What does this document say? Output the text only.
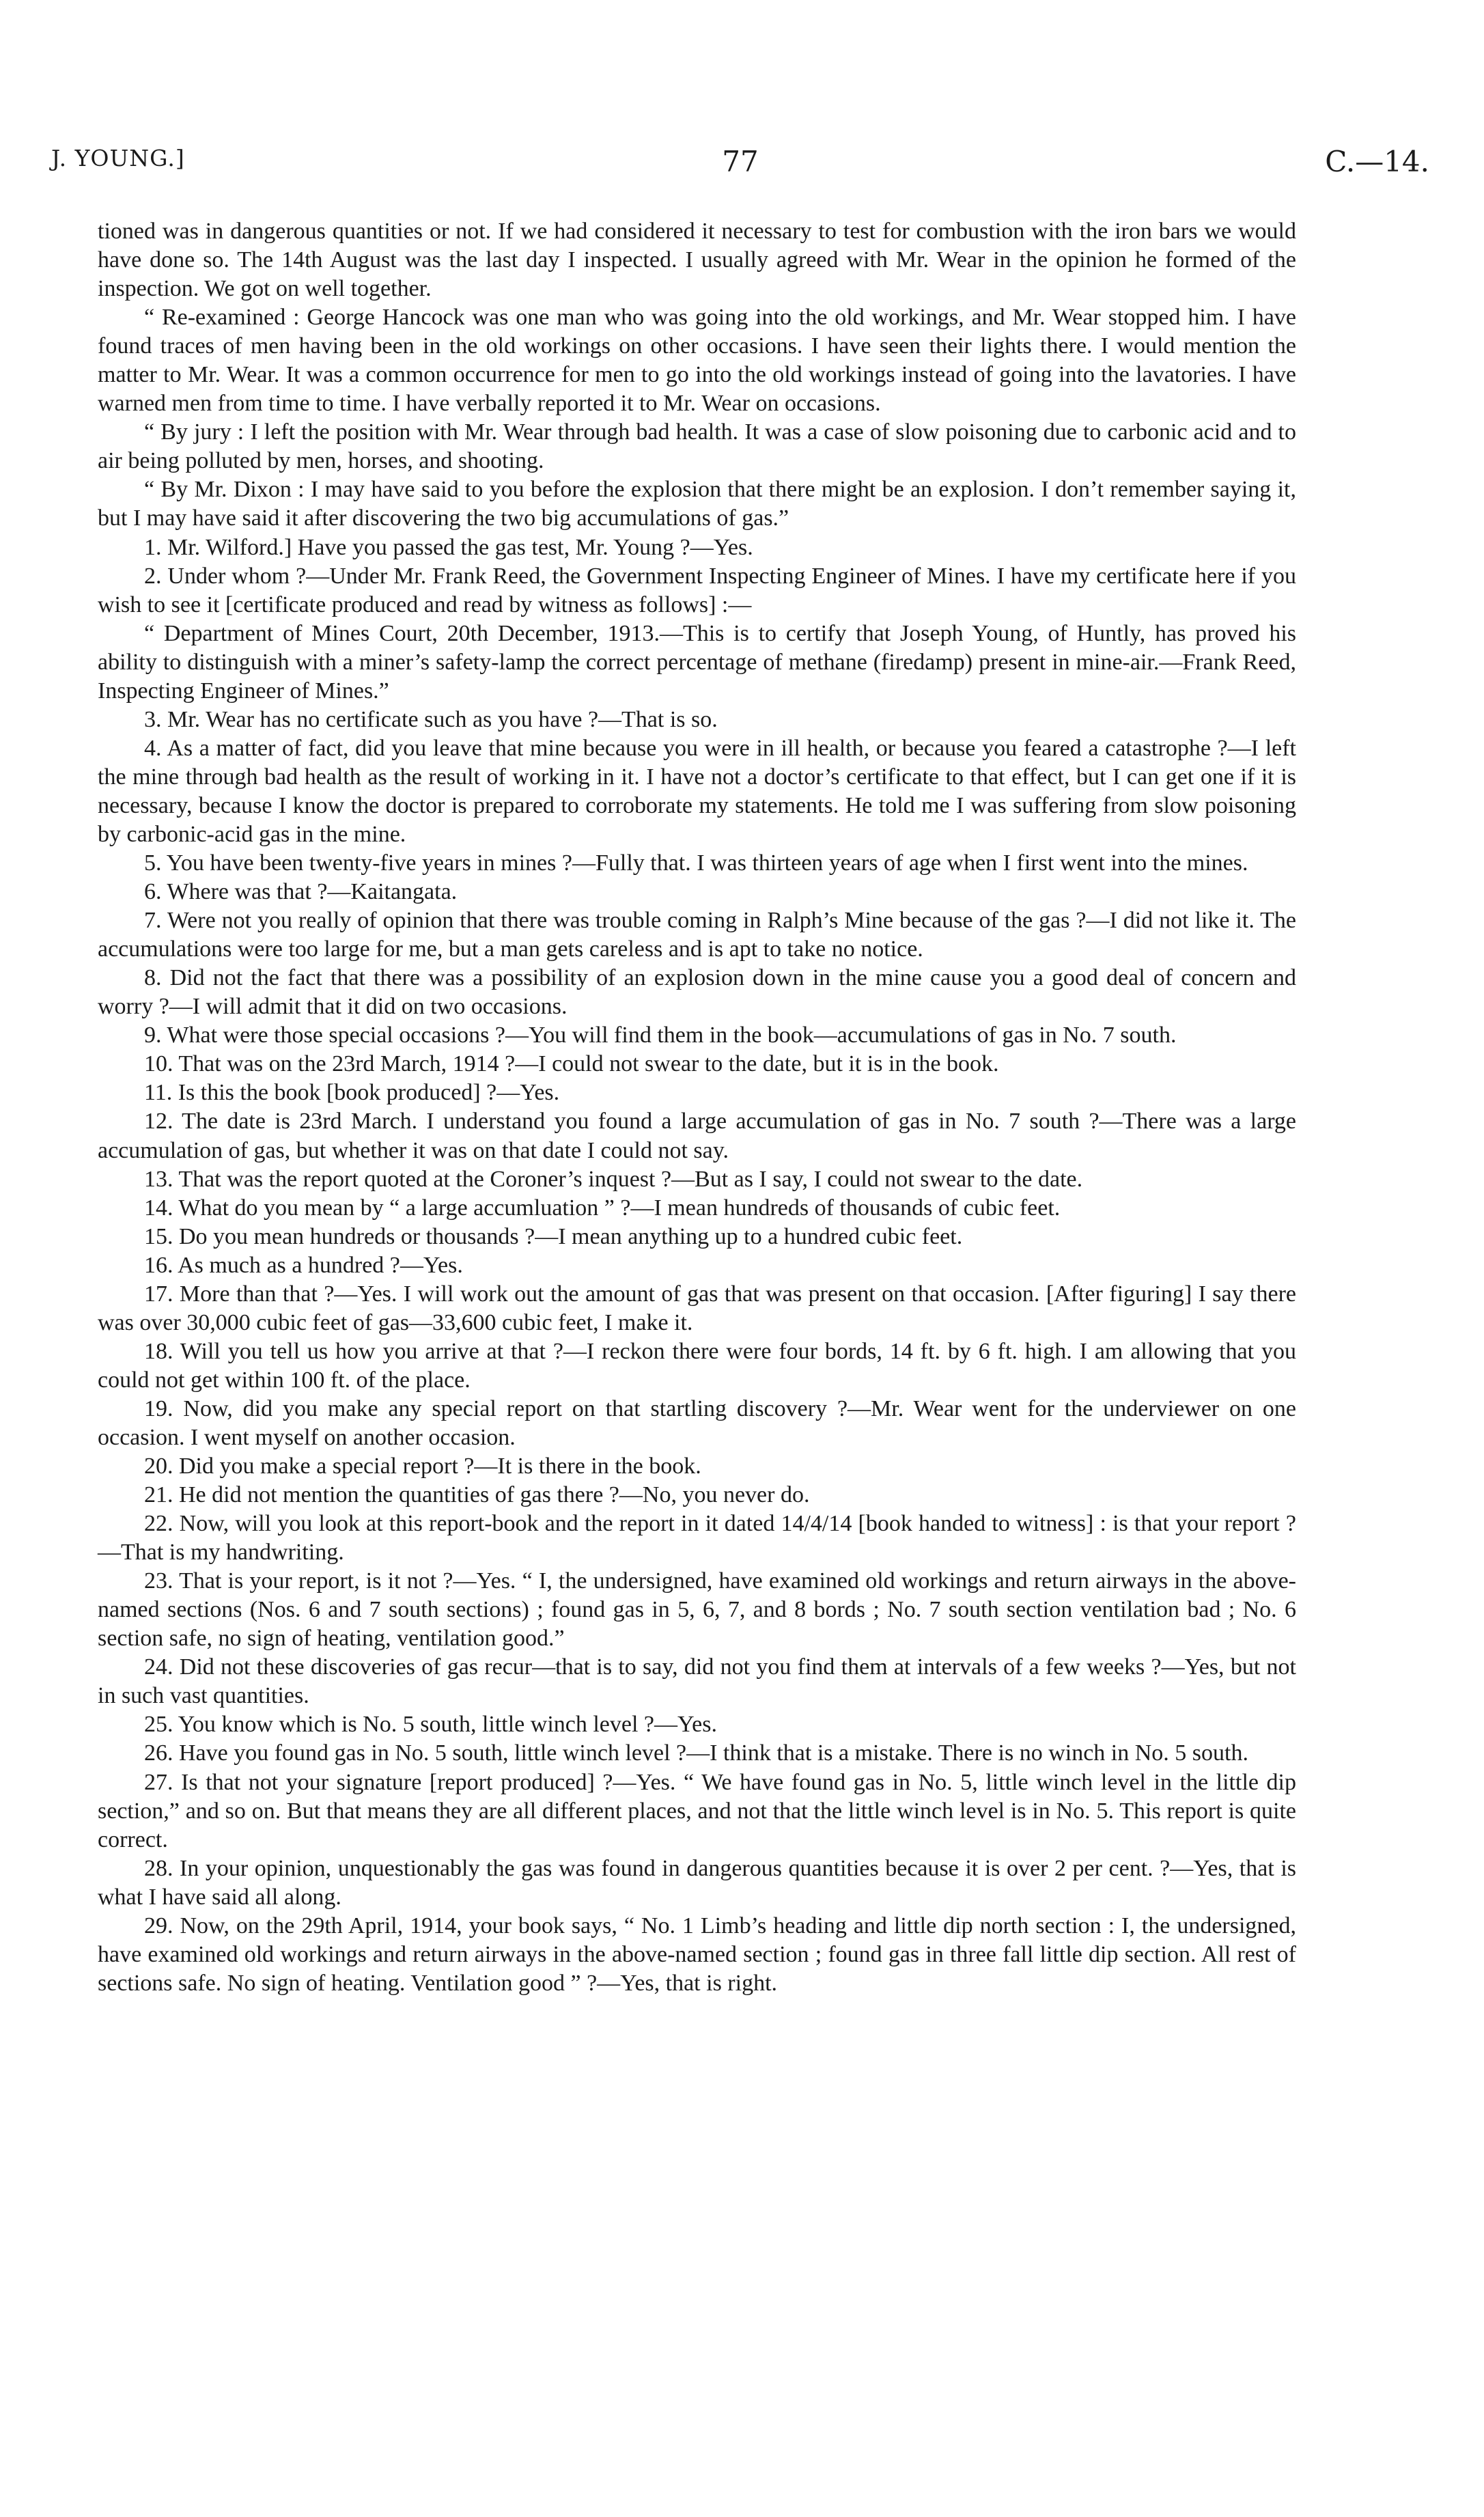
J. YOUNG.]	77	C.—14.

tioned was in dangerous quantities or not. If we had considered it necessary to test for combustion with the iron bars we would have done so. The 14th August was the last day I inspected. I usually agreed with Mr. Wear in the opinion he formed of the inspection. We got on well together.

“ Re-examined : George Hancock was one man who was going into the old workings, and Mr. Wear stopped him. I have found traces of men having been in the old workings on other occasions. I have seen their lights there. I would mention the matter to Mr. Wear. It was a common occurrence for men to go into the old workings instead of going into the lavatories. I have warned men from time to time. I have verbally reported it to Mr. Wear on occasions.

“ By jury : I left the position with Mr. Wear through bad health. It was a case of slow poisoning due to carbonic acid and to air being polluted by men, horses, and shooting.

“ By Mr. Dixon : I may have said to you before the explosion that there might be an explosion. I don’t remember saying it, but I may have said it after discovering the two big accumulations of gas.”

1. Mr. Wilford.] Have you passed the gas test, Mr. Young ?—Yes.

2. Under whom ?—Under Mr. Frank Reed, the Government Inspecting Engineer of Mines. I have my certificate here if you wish to see it [certificate produced and read by witness as follows] :—

“ Department of Mines Court, 20th December, 1913.—This is to certify that Joseph Young, of Huntly, has proved his ability to distinguish with a miner’s safety-lamp the correct percentage of methane (firedamp) present in mine-air.—Frank Reed, Inspecting Engineer of Mines.”

3. Mr. Wear has no certificate such as you have ?—That is so.

4. As a matter of fact, did you leave that mine because you were in ill health, or because you feared a catastrophe ?—I left the mine through bad health as the result of working in it. I have not a doctor’s certificate to that effect, but I can get one if it is necessary, because I know the doctor is prepared to corroborate my statements. He told me I was suffering from slow poisoning by carbonic-acid gas in the mine.

5. You have been twenty-five years in mines ?—Fully that. I was thirteen years of age when I first went into the mines.

6. Where was that ?—Kaitangata.

7. Were not you really of opinion that there was trouble coming in Ralph’s Mine because of the gas ?—I did not like it. The accumulations were too large for me, but a man gets careless and is apt to take no notice.

8. Did not the fact that there was a possibility of an explosion down in the mine cause you a good deal of concern and worry ?—I will admit that it did on two occasions.

9. What were those special occasions ?—You will find them in the book—accumulations of gas in No. 7 south.

10. That was on the 23rd March, 1914 ?—I could not swear to the date, but it is in the book.

11. Is this the book [book produced] ?—Yes.

12. The date is 23rd March. I understand you found a large accumulation of gas in No. 7 south ?—There was a large accumulation of gas, but whether it was on that date I could not say.

13. That was the report quoted at the Coroner’s inquest ?—But as I say, I could not swear to the date.

14. What do you mean by “ a large accumluation ” ?—I mean hundreds of thousands of cubic feet.

15. Do you mean hundreds or thousands ?—I mean anything up to a hundred cubic feet.

16. As much as a hundred ?—Yes.

17. More than that ?—Yes. I will work out the amount of gas that was present on that occasion. [After figuring] I say there was over 30,000 cubic feet of gas—33,600 cubic feet, I make it.

18. Will you tell us how you arrive at that ?—I reckon there were four bords, 14 ft. by 6 ft. high. I am allowing that you could not get within 100 ft. of the place.

19. Now, did you make any special report on that startling discovery ?—Mr. Wear went for the underviewer on one occasion. I went myself on another occasion.

20. Did you make a special report ?—It is there in the book.

21. He did not mention the quantities of gas there ?—No, you never do.

22. Now, will you look at this report-book and the report in it dated 14/4/14 [book handed to witness] : is that your report ?—That is my handwriting.

23. That is your report, is it not ?—Yes. “ I, the undersigned, have examined old workings and return airways in the above-named sections (Nos. 6 and 7 south sections) ; found gas in 5, 6, 7, and 8 bords ; No. 7 south section ventilation bad ; No. 6 section safe, no sign of heating, ventilation good.”

24. Did not these discoveries of gas recur—that is to say, did not you find them at intervals of a few weeks ?—Yes, but not in such vast quantities.

25. You know which is No. 5 south, little winch level ?—Yes.

26. Have you found gas in No. 5 south, little winch level ?—I think that is a mistake. There is no winch in No. 5 south.

27. Is that not your signature [report produced] ?—Yes. “ We have found gas in No. 5, little winch level in the little dip section,” and so on. But that means they are all different places, and not that the little winch level is in No. 5. This report is quite correct.

28. In your opinion, unquestionably the gas was found in dangerous quantities because it is over 2 per cent. ?—Yes, that is what I have said all along.

29. Now, on the 29th April, 1914, your book says, “ No. 1 Limb’s heading and little dip north section : I, the undersigned, have examined old workings and return airways in the above-named section ; found gas in three fall little dip section. All rest of sections safe. No sign of heating. Ventilation good ” ?—Yes, that is right.
